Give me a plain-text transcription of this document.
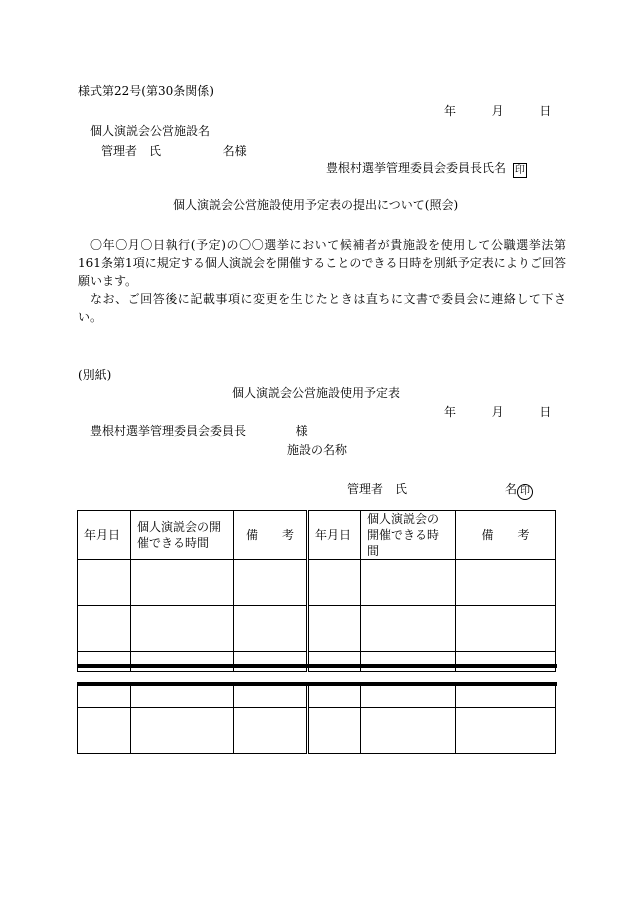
様式第22号(第30条関係)
年	月	日
個人演説会公営施設名
管理者　氏	名様
豊根村選挙管理委員会委員長氏名 印
個人演説会公営施設使用予定表の提出について(照会)
〇年〇月〇日執行(予定)の〇〇選挙において候補者が貴施設を使用して公職選挙法第161条第1項に規定する個人演説会を開催することのできる日時を別紙予定表によりご回答願います。
なお、ご回答後に記載事項に変更を生じたときは直ちに文書で委員会に連絡して下さい。
(別紙)
個人演説会公営施設使用予定表
年	月	日
豊根村選挙管理委員会委員長	様
施設の名称
管理者　氏	名 印
年月日	個人演説会の開催できる時間	備　　考	年月日	個人演説会の開催できる時間	備　　考
